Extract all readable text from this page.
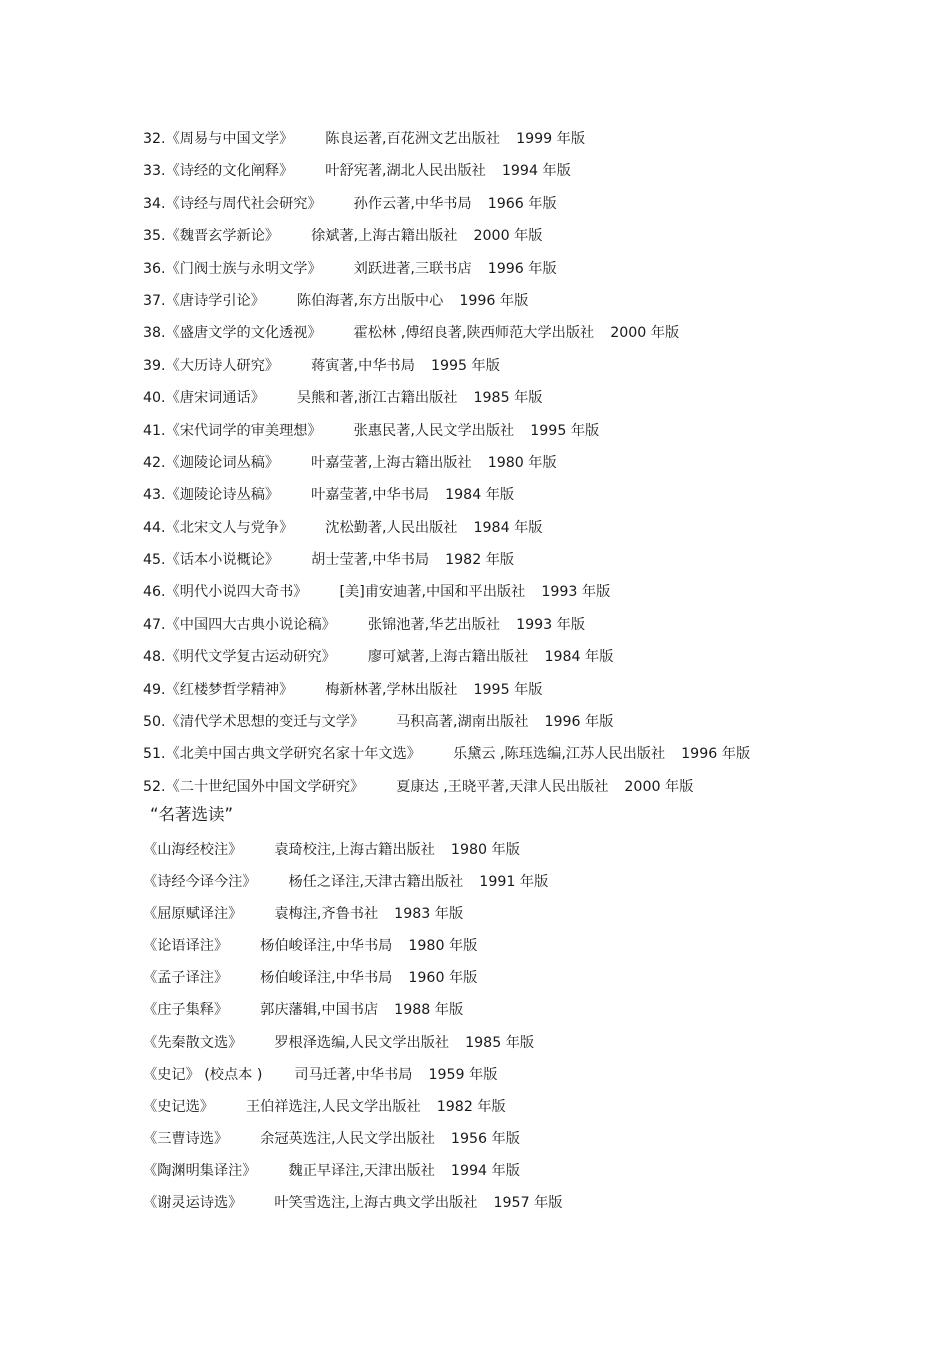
32.《周易与中国文学》 陈良运著,百花洲文艺出版社 1999 年版
33.《诗经的文化阐释》 叶舒宪著,湖北人民出版社 1994 年版
34.《诗经与周代社会研究》 孙作云著,中华书局 1966 年版
35.《魏晋玄学新论》 徐斌著,上海古籍出版社 2000 年版
36.《门阀士族与永明文学》 刘跃进著,三联书店 1996 年版
37.《唐诗学引论》 陈伯海著,东方出版中心 1996 年版
38.《盛唐文学的文化透视》 霍松林 ,傅绍良著,陕西师范大学出版社 2000 年版
39.《大历诗人研究》 蒋寅著,中华书局 1995 年版
40.《唐宋词通话》 吴熊和著,浙江古籍出版社 1985 年版
41.《宋代词学的审美理想》 张惠民著,人民文学出版社 1995 年版
42.《迦陵论词丛稿》 叶嘉莹著,上海古籍出版社 1980 年版
43.《迦陵论诗丛稿》 叶嘉莹著,中华书局 1984 年版
44.《北宋文人与党争》 沈松勤著,人民出版社 1984 年版
45.《话本小说概论》 胡士莹著,中华书局 1982 年版
46.《明代小说四大奇书》 [美]甫安迪著,中国和平出版社 1993 年版
47.《中国四大古典小说论稿》 张锦池著,华艺出版社 1993 年版
48.《明代文学复古运动研究》 廖可斌著,上海古籍出版社 1984 年版
49.《红楼梦哲学精神》 梅新林著,学林出版社 1995 年版
50.《清代学术思想的变迁与文学》 马积高著,湖南出版社 1996 年版
51.《北美中国古典文学研究名家十年文选》 乐黛云 ,陈珏选编,江苏人民出版社 1996 年版
52.《二十世纪国外中国文学研究》 夏康达 ,王晓平著,天津人民出版社 2000 年版
“名著选读”
《山海经校注》 袁琦校注,上海古籍出版社 1980 年版
《诗经今译今注》 杨任之译注,天津古籍出版社 1991 年版
《屈原赋译注》 袁梅注,齐鲁书社 1983 年版
《论语译注》 杨伯峻译注,中华书局 1980 年版
《孟子译注》 杨伯峻译注,中华书局 1960 年版
《庄子集释》 郭庆藩辑,中国书店 1988 年版
《先秦散文选》 罗根泽选编,人民文学出版社 1985 年版
《史记》 (校点本 ) 司马迁著,中华书局 1959 年版
《史记选》 王伯祥选注,人民文学出版社 1982 年版
《三曹诗选》 余冠英选注,人民文学出版社 1956 年版
《陶渊明集译注》 魏正早译注,天津出版社 1994 年版
《谢灵运诗选》 叶笑雪选注,上海古典文学出版社 1957 年版
